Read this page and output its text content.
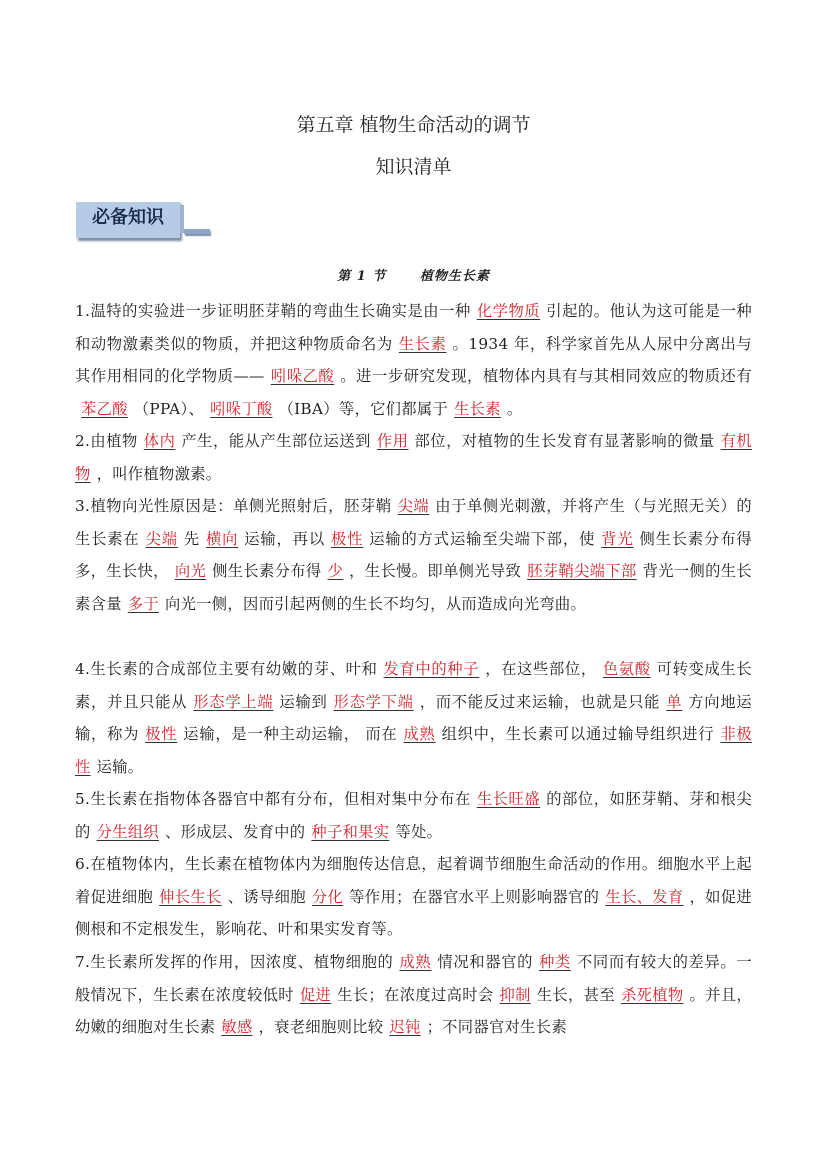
第五章 植物生命活动的调节
知识清单
必备知识
第 1 节	植物生长素
1.温特的实验进一步证明胚芽鞘的弯曲生长确实是由一种 化学物质 引起的。他认为这可能是一种和动物激素类似的物质，并把这种物质命名为 生长素 。1934 年，科学家首先从人尿中分离出与其作用相同的化学物质—— 吲哚乙酸 。进一步研究发现，植物体内具有与其相同效应的物质还有苯乙酸 （PPA）、 吲哚丁酸 （IBA）等，它们都属于 生长素 。
2.由植物 体内 产生，能从产生部位运送到 作用 部位，对植物的生长发育有显著影响的微量 有机物 ，叫作植物激素。
3.植物向光性原因是：单侧光照射后，胚芽鞘 尖端 由于单侧光刺激，并将产生（与光照无关）的生长素在 尖端 先 横向 运输，再以 极性 运输的方式运输至尖端下部，使 背光 侧生长素分布得多，生长快， 向光 侧生长素分布得 少 ，生长慢。即单侧光导致 胚芽鞘尖端下部 背光一侧的生长素含量 多于 向光一侧，因而引起两侧的生长不均匀，从而造成向光弯曲。
4.生长素的合成部位主要有幼嫩的芽、叶和 发育中的种子 ，在这些部位， 色氨酸 可转变成生长素，并且只能从 形态学上端 运输到 形态学下端 ，而不能反过来运输，也就是只能 单 方向地运输，称为 极性 运输，是一种主动运输， 而在 成熟 组织中，生长素可以通过输导组织进行 非极性 运输。
5.生长素在指物体各器官中都有分布，但相对集中分布在 生长旺盛 的部位，如胚芽鞘、芽和根尖的 分生组织 、形成层、发育中的 种子和果实 等处。
6.在植物体内，生长素在植物体内为细胞传达信息，起着调节细胞生命活动的作用。细胞水平上起着促进细胞 伸长生长 、诱导细胞 分化 等作用；在器官水平上则影响器官的 生长、发育 ，如促进侧根和不定根发生，影响花、叶和果实发育等。
7.生长素所发挥的作用，因浓度、植物细胞的 成熟 情况和器官的 种类 不同而有较大的差异。一般情况下，生长素在浓度较低时 促进 生长；在浓度过高时会 抑制 生长，甚至 杀死植物 。并且，幼嫩的细胞对生长素 敏感 ，衰老细胞则比较 迟钝 ；不同器官对生长素
